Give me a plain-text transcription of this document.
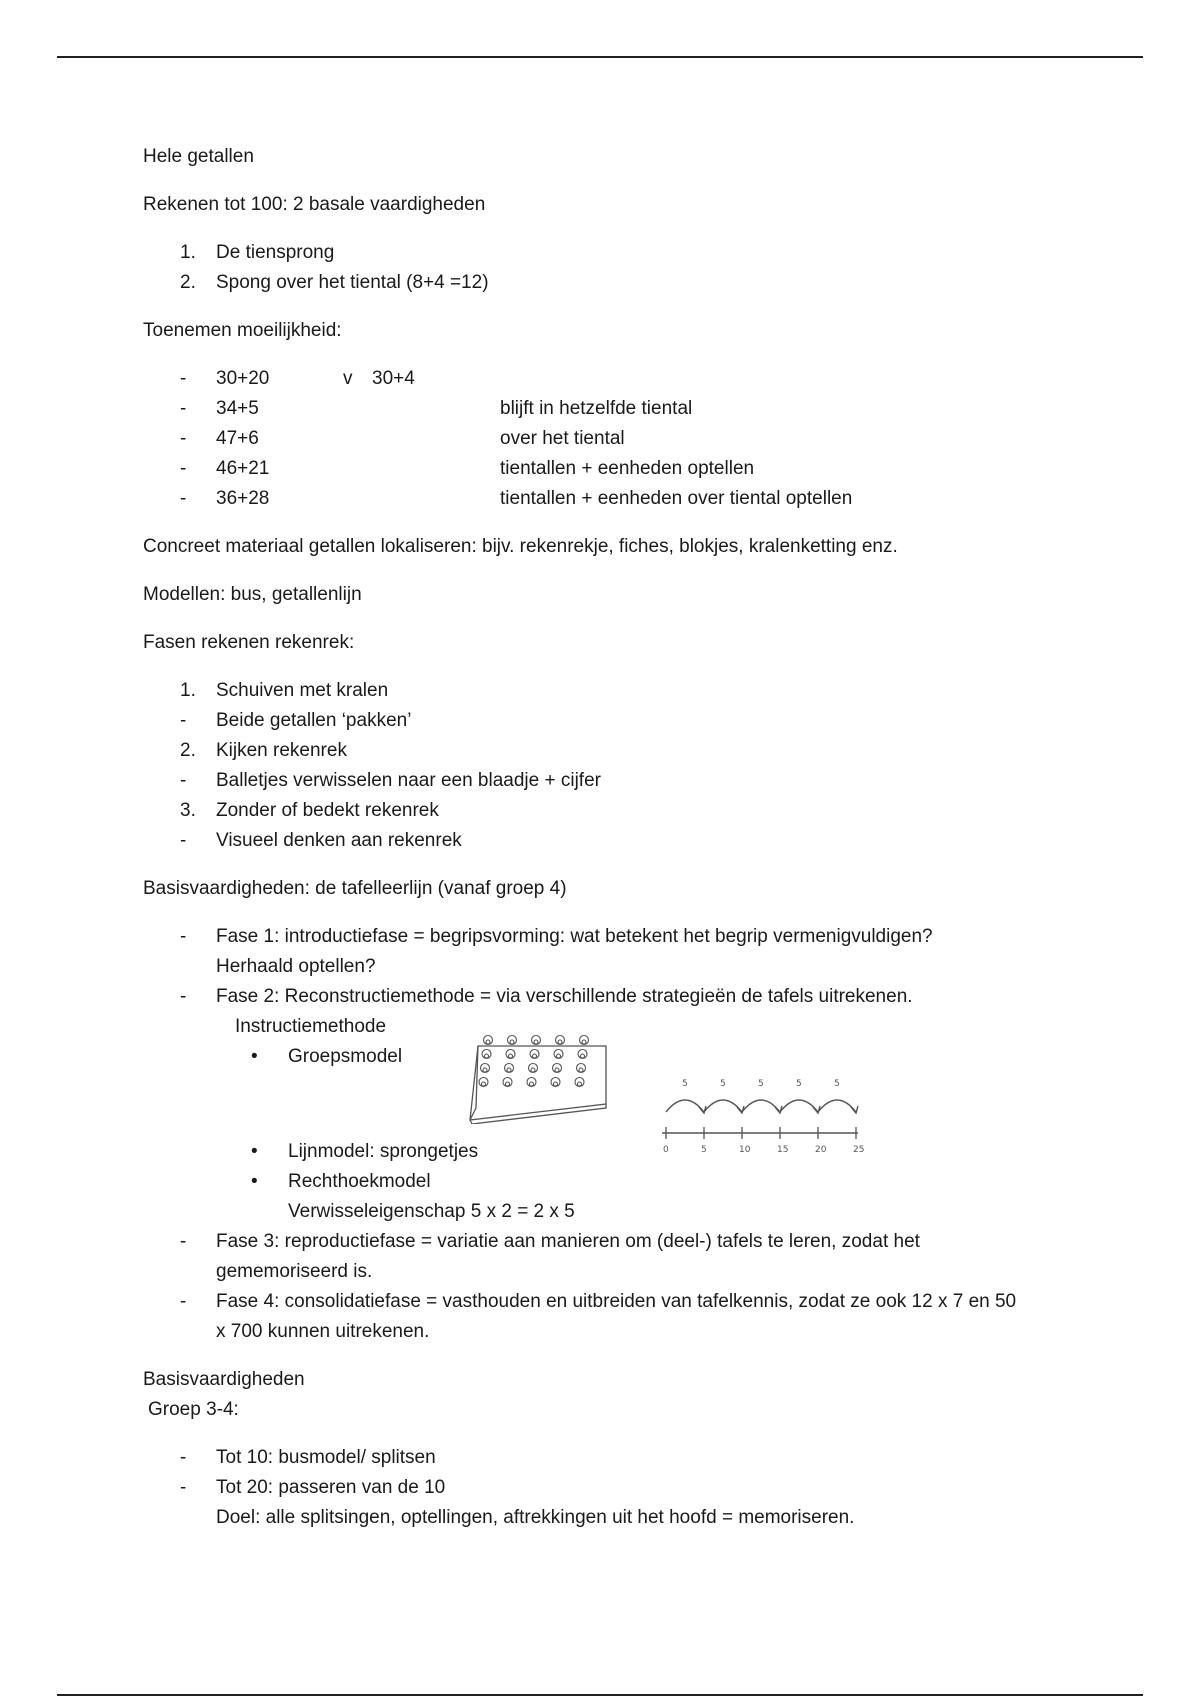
Hele getallen

Rekenen tot 100: 2 basale vaardigheden

1. De tiensprong
2. Spong over het tiental (8+4 =12)

Toenemen moeilijkheid:

- 30+20	v 30+4
- 34+5	blijft in hetzelfde tiental
- 47+6	over het tiental
- 46+21	tientallen + eenheden optellen
- 36+28	tientallen + eenheden over tiental optellen

Concreet materiaal getallen lokaliseren: bijv. rekenrekje, fiches, blokjes, kralenketting enz.

Modellen: bus, getallenlijn

Fasen rekenen rekenrek:

1. Schuiven met kralen
- Beide getallen ‘pakken’
2. Kijken rekenrek
- Balletjes verwisselen naar een blaadje + cijfer
3. Zonder of bedekt rekenrek
- Visueel denken aan rekenrek

Basisvaardigheden: de tafelleerlijn (vanaf groep 4)

- Fase 1: introductiefase = begripsvorming: wat betekent het begrip vermenigvuldigen?
Herhaald optellen?
- Fase 2: Reconstructiemethode = via verschillende strategieën de tafels uitrekenen.
Instructiemethode
• Groepsmodel
• Lijnmodel: sprongetjes
• Rechthoekmodel
Verwisseleigenschap 5 x 2 = 2 x 5
- Fase 3: reproductiefase = variatie aan manieren om (deel-) tafels te leren, zodat het
gememoriseerd is.
- Fase 4: consolidatiefase = vasthouden en uitbreiden van tafelkennis, zodat ze ook 12 x 7 en 50
x 700 kunnen uitrekenen.

Basisvaardigheden

Groep 3-4:

- Tot 10: busmodel/ splitsen
- Tot 20: passeren van de 10
Doel: alle splitsingen, optellingen, aftrekkingen uit het hoofd = memoriseren.
5	5	5	5	5
0	5	10	15	20	25
